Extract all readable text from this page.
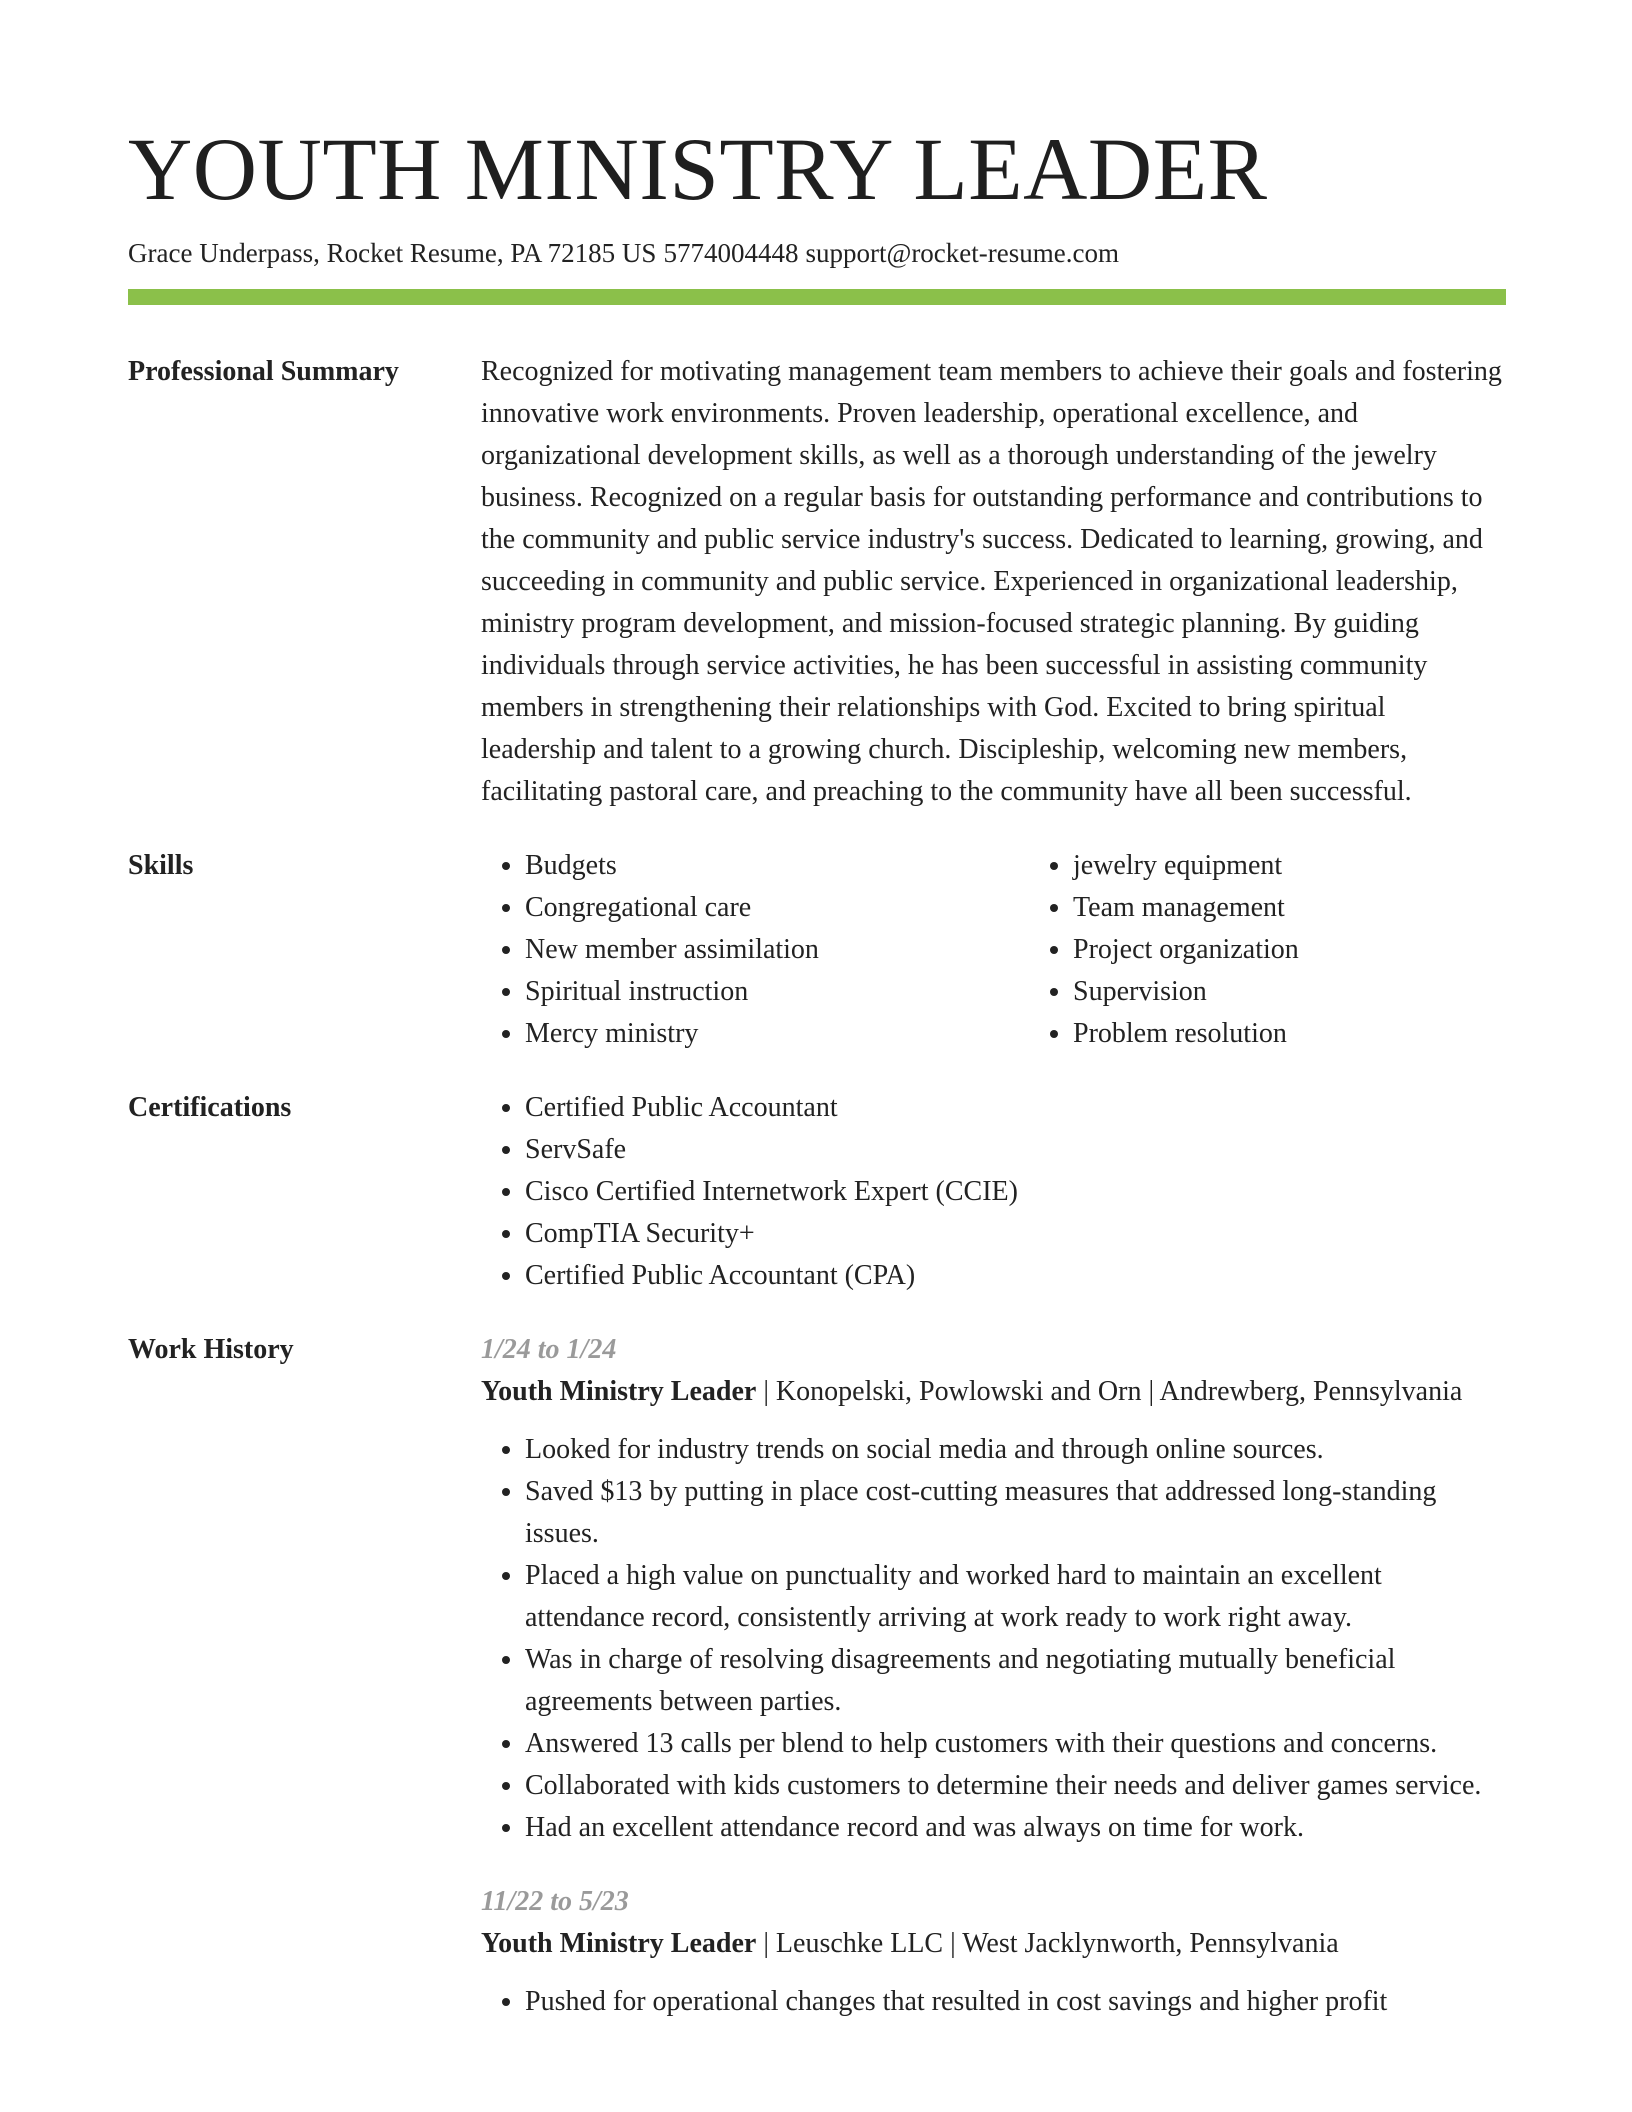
YOUTH MINISTRY LEADER
Grace Underpass, Rocket Resume, PA 72185 US 5774004448 support@rocket-resume.com
Professional Summary	Recognized for motivating management team members to achieve their goals and fostering innovative work environments. Proven leadership, operational excellence, and organizational development skills, as well as a thorough understanding of the jewelry business. Recognized on a regular basis for outstanding performance and contributions to the community and public service industry's success. Dedicated to learning, growing, and succeeding in community and public service. Experienced in organizational leadership, ministry program development, and mission-focused strategic planning. By guiding individuals through service activities, he has been successful in assisting community members in strengthening their relationships with God. Excited to bring spiritual leadership and talent to a growing church. Discipleship, welcoming new members, facilitating pastoral care, and preaching to the community have all been successful.
Skills	• Budgets
• Congregational care
• New member assimilation
• Spiritual instruction
• Mercy ministry
• jewelry equipment
• Team management
• Project organization
• Supervision
• Problem resolution
Certifications	• Certified Public Accountant
• ServSafe
• Cisco Certified Internetwork Expert (CCIE)
• CompTIA Security+
• Certified Public Accountant (CPA)
Work History	1/24 to 1/24
Youth Ministry Leader | Konopelski, Powlowski and Orn | Andrewberg, Pennsylvania
• Looked for industry trends on social media and through online sources.
• Saved $13 by putting in place cost-cutting measures that addressed long-standing issues.
• Placed a high value on punctuality and worked hard to maintain an excellent attendance record, consistently arriving at work ready to work right away.
• Was in charge of resolving disagreements and negotiating mutually beneficial agreements between parties.
• Answered 13 calls per blend to help customers with their questions and concerns.
• Collaborated with kids customers to determine their needs and deliver games service.
• Had an excellent attendance record and was always on time for work.
11/22 to 5/23
Youth Ministry Leader | Leuschke LLC | West Jacklynworth, Pennsylvania
• Pushed for operational changes that resulted in cost savings and higher profit
